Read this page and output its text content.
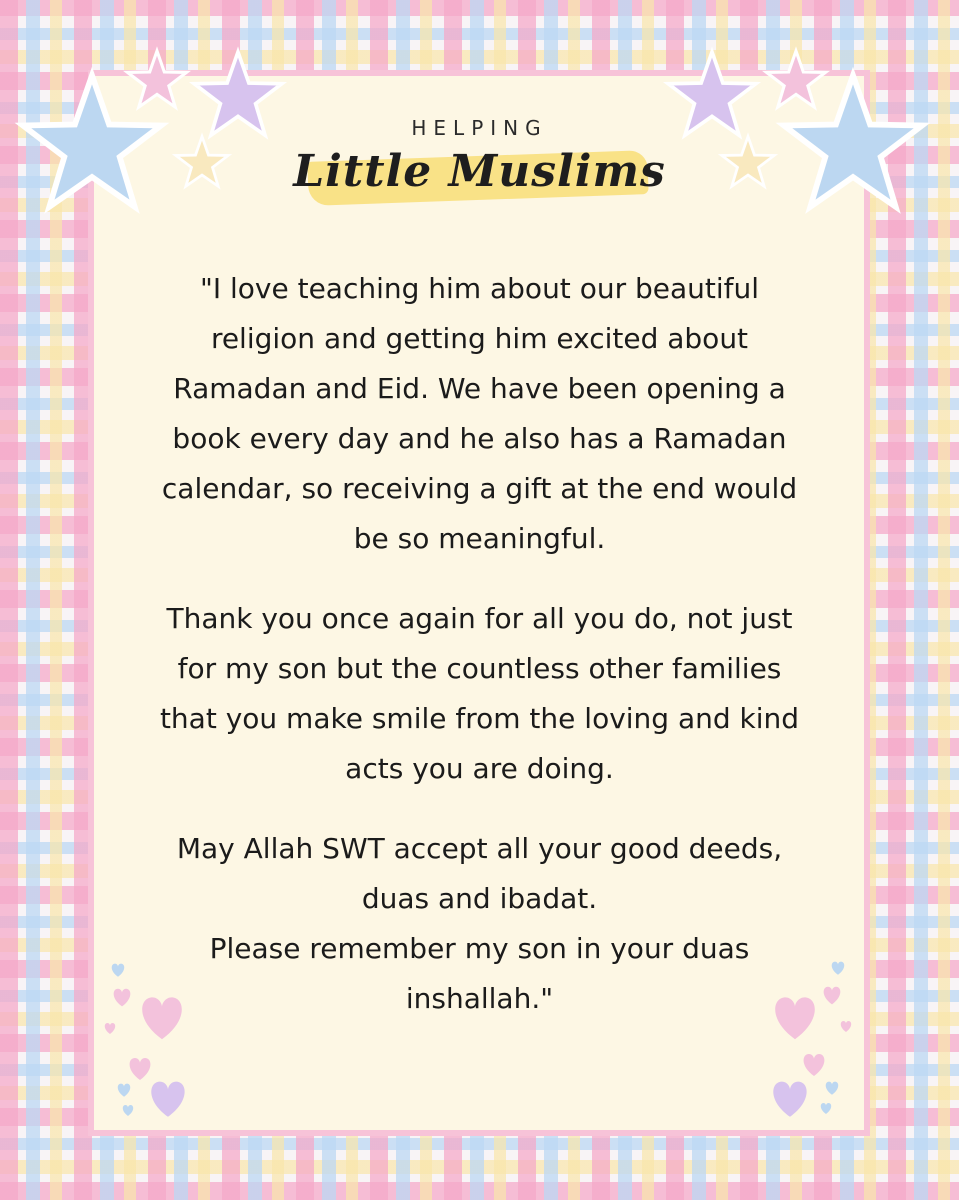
HELPING
Little Muslims

"I love teaching him about our beautiful
religion and getting him excited about
Ramadan and Eid. We have been opening a
book every day and he also has a Ramadan
calendar, so receiving a gift at the end would
be so meaningful.

Thank you once again for all you do, not just
for my son but the countless other families
that you make smile from the loving and kind
acts you are doing.

May Allah SWT accept all your good deeds,
duas and ibadat.
Please remember my son in your duas
inshallah."
